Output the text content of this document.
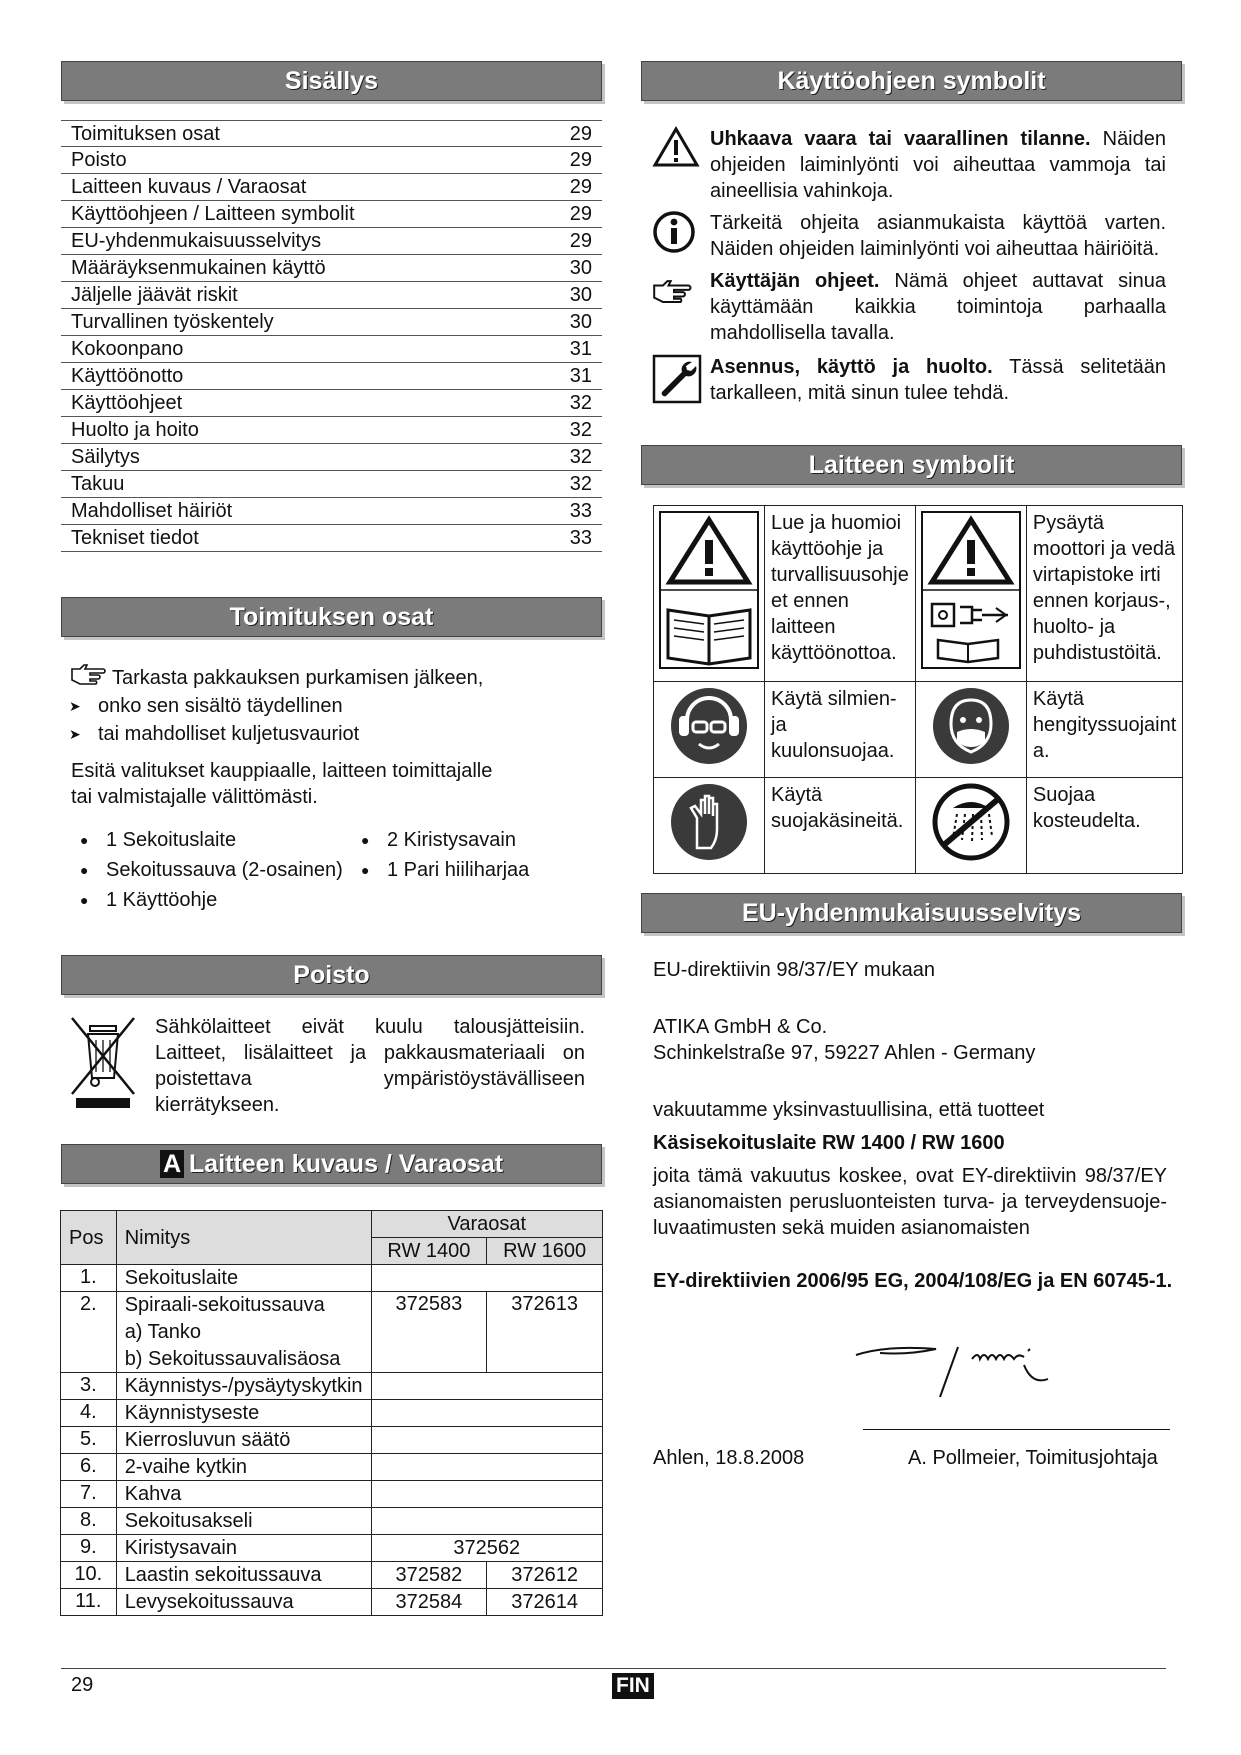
Sisällys
Toimituksen osat	29
Poisto	29
Laitteen kuvaus / Varaosat	29
Käyttöohjeen / Laitteen symbolit	29
EU-yhdenmukaisuusselvitys	29
Määräyksenmukainen käyttö	30
Jäljelle jäävät riskit	30
Turvallinen työskentely	30
Kokoonpano	31
Käyttöönotto	31
Käyttöohjeet	32
Huolto ja hoito	32
Säilytys	32
Takuu	32
Mahdolliset häiriöt	33
Tekniset tiedot	33
Toimituksen osat
Tarkasta pakkauksen purkamisen jälkeen,
➤ onko sen sisältö täydellinen
➤ tai mahdolliset kuljetusvauriot
Esitä valitukset kauppiaalle, laitteen toimittajalle tai valmistajalle välittömästi.
● 1 Sekoituslaite
● Sekoitussauva (2-osainen)
● 1 Käyttöohje
● 2 Kiristysavain
● 1 Pari hiiliharjaa
Poisto
Sähkölaitteet eivät kuulu talousjätteisiin. Laitteet, lisälaitteet ja pakkausmateriaali on poistettava ympäristöystävälliseen kierrätykseen.
A Laitteen kuvaus / Varaosat
Pos	Nimitys	Varaosat	
		RW 1400	RW 1600
1.	Sekoituslaite		
2.	Spiraali-sekoitussauva	372583	372613
	a) Tanko		
	b) Sekoitussauvalisäosa		
3.	Käynnistys-/pysäytyskytkin		
4.	Käynnistyseste		
5.	Kierrosluvun säätö		
6.	2-vaihe kytkin		
7.	Kahva		
8.	Sekoitusakseli		
9.	Kiristysavain	372562	
10.	Laastin sekoitussauva	372582	372612
11.	Levysekoitussauva	372584	372614
Käyttöohjeen symbolit
Uhkaava vaara tai vaarallinen tilanne. Näiden ohjeiden laiminlyönti voi aiheuttaa vammoja tai aineellisia vahinkoja.
Tärkeitä ohjeita asianmukaista käyttöä varten. Näiden ohjeiden laiminlyönti voi aiheuttaa häiriöitä.
Käyttäjän ohjeet. Nämä ohjeet auttavat sinua käyttämään kaikkia toimintoja parhaalla mahdollisella tavalla.
Asennus, käyttö ja huolto. Tässä selitetään tarkalleen, mitä sinun tulee tehdä.
Laitteen symbolit
	Lue ja huomioi käyttöohje ja turvallisuusohje et ennen laitteen käyttöönottoa.		Pysäytä moottori ja vedä virtapistoke irti ennen korjaus-, huolto- ja puhdistustöitä.
	Käytä silmien- ja kuulonsuojaa.		Käytä hengityssuojaint a.
	Käytä suojakäsineitä.		Suojaa kosteudelta.
EU-yhdenmukaisuusselvitys
EU-direktiivin 98/37/EY mukaan
ATIKA GmbH & Co.
Schinkelstraße 97, 59227 Ahlen - Germany
vakuutamme yksinvastuullisina, että tuotteet
Käsisekoituslaite RW 1400 / RW 1600
joita tämä vakuutus koskee, ovat EY-direktiivin 98/37/EY asianomaisten perusluonteisten turva- ja terveydensuoje-luvaatimusten sekä muiden asianomaisten
EY-direktiivien 2006/95 EG, 2004/108/EG ja EN 60745-1.
Ahlen, 18.8.2008	A. Pollmeier, Toimitusjohtaja
29	FIN
